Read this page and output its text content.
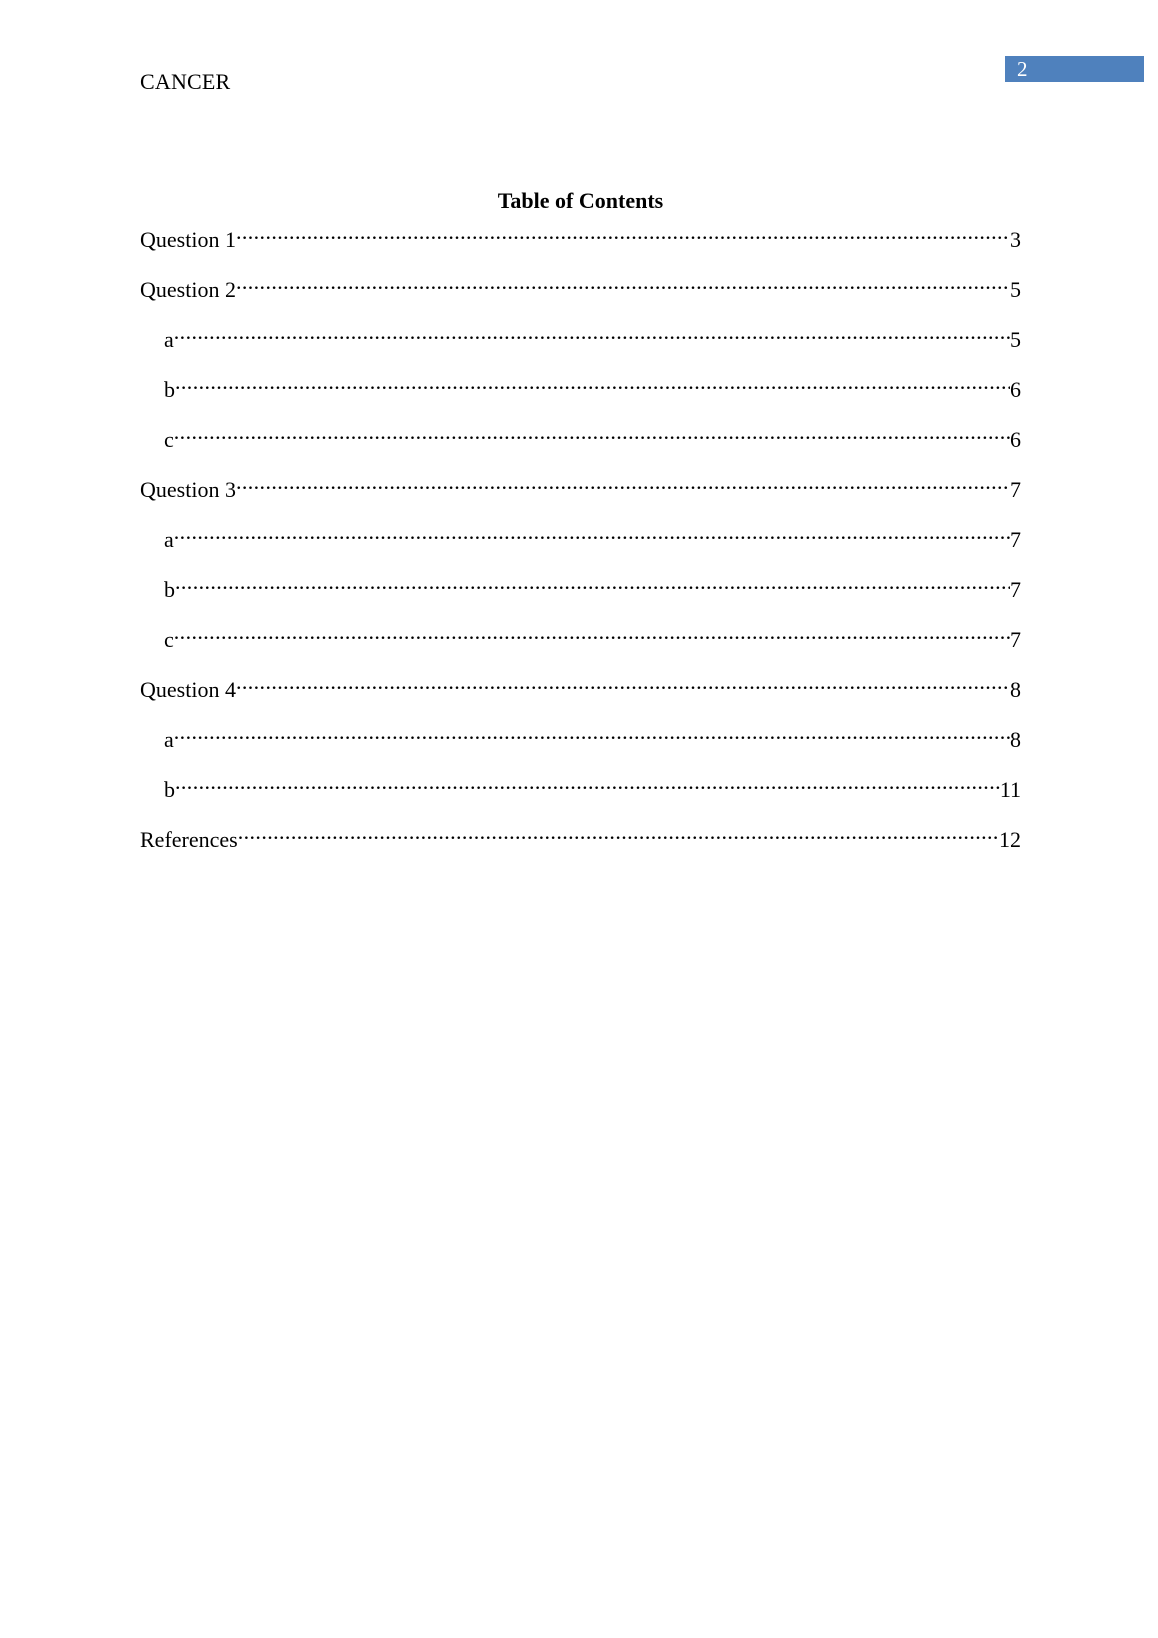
CANCER	2
Table of Contents
Question 1 .....	3
Question 2 .....	5
a .....	5
b .....	6
c .....	6
Question 3 .....	7
a .....	7
b .....	7
c .....	7
Question 4 .....	8
a .....	8
b .....	11
References .....	12
